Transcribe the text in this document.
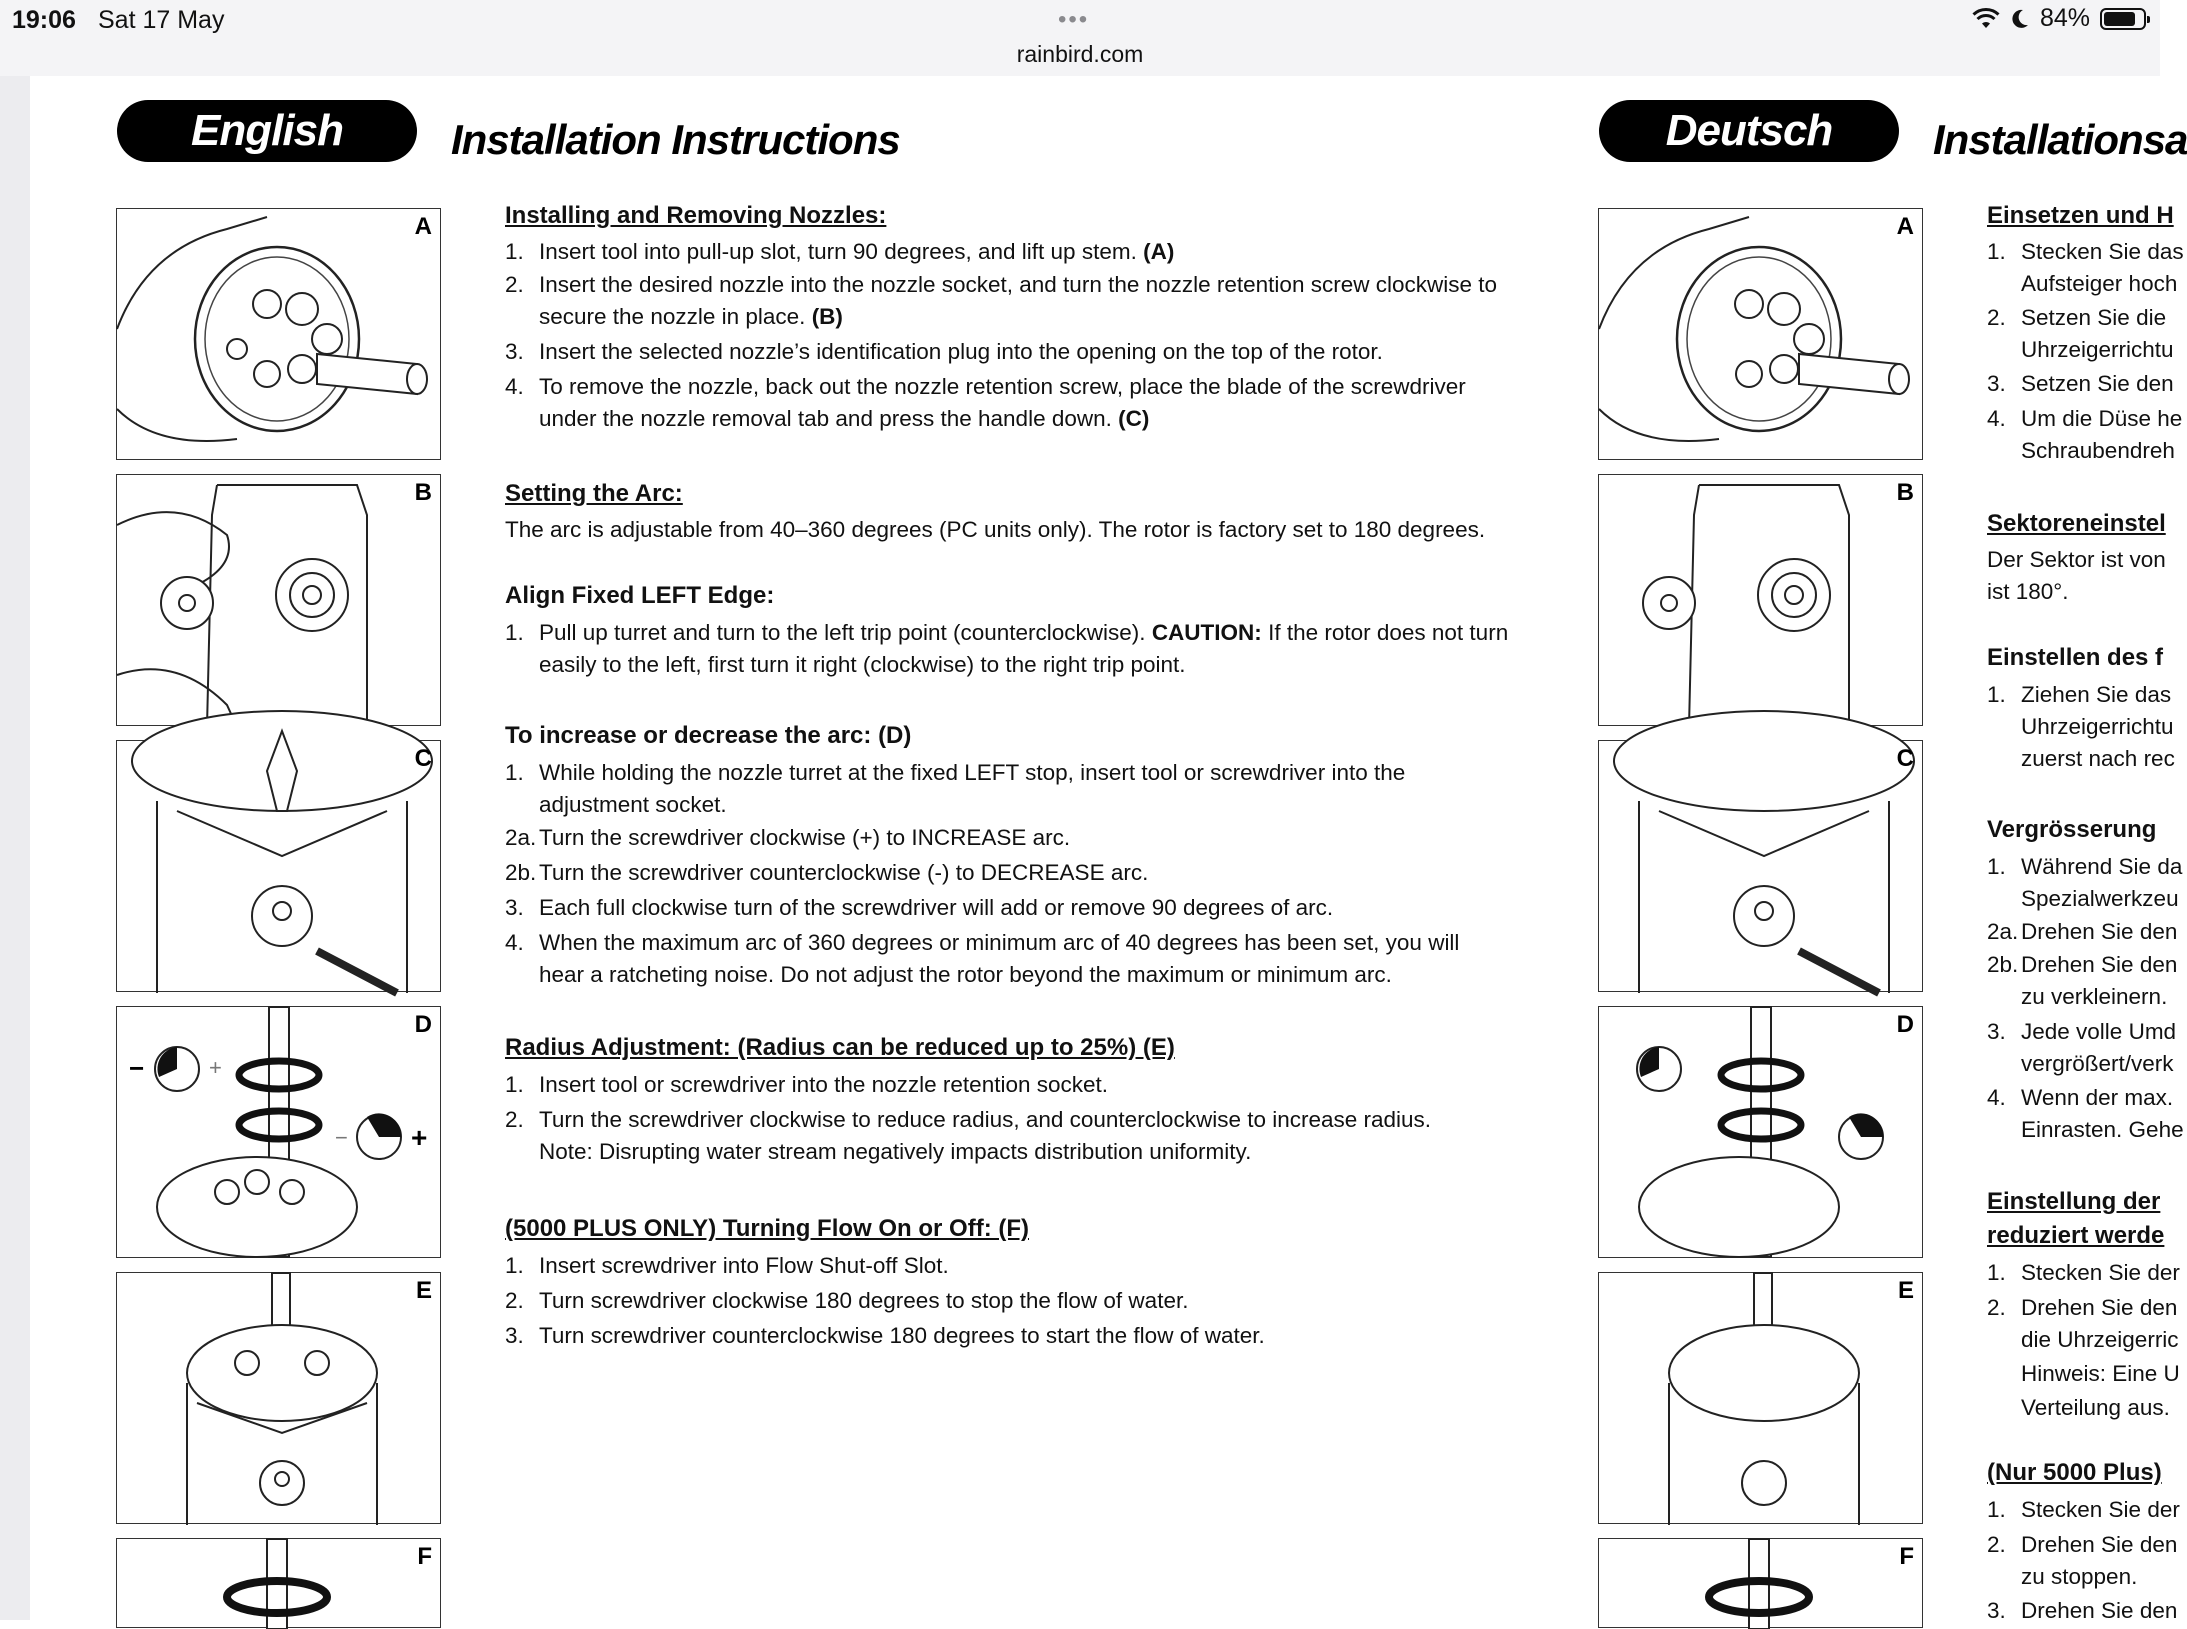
19:06 Sat 17 May	•••
rainbird.com
84%
English	Installation Instructions
A
B
C
−	+
− +
D
E
F
Installing and Removing Nozzles:
1. Insert tool into pull-up slot, turn 90 degrees, and lift up stem. (A)
2. Insert the desired nozzle into the nozzle socket, and turn the nozzle retention screw clockwise to
secure the nozzle in place. (B)
3. Insert the selected nozzle’s identification plug into the opening on the top of the rotor.
4. To remove the nozzle, back out the nozzle retention screw, place the blade of the screwdriver
under the nozzle removal tab and press the handle down. (C)
Setting the Arc:
The arc is adjustable from 40–360 degrees (PC units only). The rotor is factory set to 180 degrees.
Align Fixed LEFT Edge:
1. Pull up turret and turn to the left trip point (counterclockwise). CAUTION: If the rotor does not turn
easily to the left, first turn it right (clockwise) to the right trip point.
To increase or decrease the arc: (D)
1. While holding the nozzle turret at the fixed LEFT stop, insert tool or screwdriver into the
adjustment socket.
2a. Turn the screwdriver clockwise (+) to INCREASE arc.
2b. Turn the screwdriver counterclockwise (-) to DECREASE arc.
3. Each full clockwise turn of the screwdriver will add or remove 90 degrees of arc.
4. When the maximum arc of 360 degrees or minimum arc of 40 degrees has been set, you will
hear a ratcheting noise. Do not adjust the rotor beyond the maximum or minimum arc.
Radius Adjustment: (Radius can be reduced up to 25%) (E)
1. Insert tool or screwdriver into the nozzle retention socket.
2. Turn the screwdriver clockwise to reduce radius, and counterclockwise to increase radius.
Note: Disrupting water stream negatively impacts distribution uniformity.
(5000 PLUS ONLY) Turning Flow On or Off: (F)
1. Insert screwdriver into Flow Shut-off Slot.
2. Turn screwdriver clockwise 180 degrees to stop the flow of water.
3. Turn screwdriver counterclockwise 180 degrees to start the flow of water.
Deutsch	Installationsa
A
B
C
D
E
F
Einsetzen und H
1. Stecken Sie das
Aufsteiger hoch
2. Setzen Sie die
Uhrzeigerrichtu
3. Setzen Sie den
4. Um die Düse he
Schraubendreh
Sektoreneinstel
Der Sektor ist von
ist 180°.
Einstellen des f
1. Ziehen Sie das
Uhrzeigerrichtu
zuerst nach rec
Vergrösserung
1. Während Sie da
Spezialwerkzeu
2a. Drehen Sie den
2b. Drehen Sie den
zu verkleinern.
3. Jede volle Umd
vergrößert/verk
4. Wenn der max.
Einrasten. Gehe
Einstellung der
reduziert werde
1. Stecken Sie der
2. Drehen Sie den
die Uhrzeigerric
Hinweis: Eine U
Verteilung aus.
(Nur 5000 Plus)
1. Stecken Sie der
2. Drehen Sie den
zu stoppen.
3. Drehen Sie den
